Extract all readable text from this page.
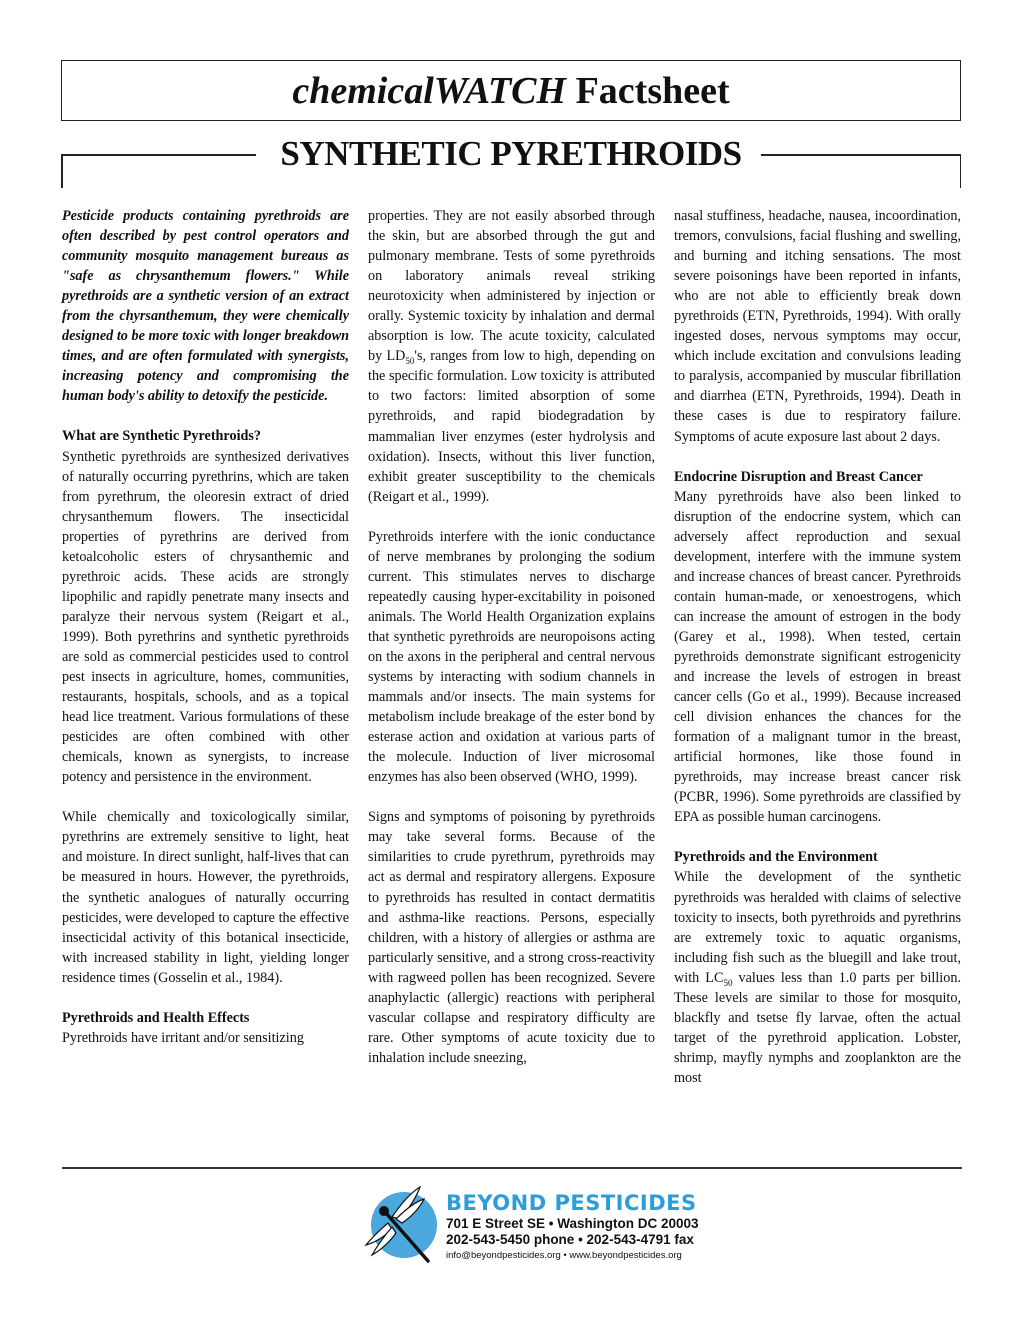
chemicalWATCH Factsheet
SYNTHETIC PYRETHROIDS

Pesticide products containing pyrethroids are often described by pest control operators and community mosquito management bureaus as "safe as chrysanthemum flowers." While pyrethroids are a synthetic version of an extract from the chyrsanthemum, they were chemically designed to be more toxic with longer breakdown times, and are often formulated with synergists, increasing potency and compromising the human body's ability to detoxify the pesticide.

What are Synthetic Pyrethroids?

Synthetic pyrethroids are synthesized derivatives of naturally occurring pyrethrins, which are taken from pyrethrum, the oleoresin extract of dried chrysanthemum flowers. The insecticidal properties of pyrethrins are derived from ketoalcoholic esters of chrysanthemic and pyrethroic acids. These acids are strongly lipophilic and rapidly penetrate many insects and paralyze their nervous system (Reigart et al., 1999). Both pyrethrins and synthetic pyrethroids are sold as commercial pesticides used to control pest insects in agriculture, homes, communities, restaurants, hospitals, schools, and as a topical head lice treatment. Various formulations of these pesticides are often combined with other chemicals, known as synergists, to increase potency and persistence in the environment.

While chemically and toxicologically similar, pyrethrins are extremely sensitive to light, heat and moisture. In direct sunlight, half-lives that can be measured in hours. However, the pyrethroids, the synthetic analogues of naturally occurring pesticides, were developed to capture the effective insecticidal activity of this botanical insecticide, with increased stability in light, yielding longer residence times (Gosselin et al., 1984).

Pyrethroids and Health Effects

Pyrethroids have irritant and/or sensitizing

properties. They are not easily absorbed through the skin, but are absorbed through the gut and pulmonary membrane. Tests of some pyrethroids on laboratory animals reveal striking neurotoxicity when administered by injection or orally. Systemic toxicity by inhalation and dermal absorption is low. The acute toxicity, calculated by $LD_{50}'s$, ranges from low to high, depending on the specific formulation. Low toxicity is attributed to two factors: limited absorption of some pyrethroids, and rapid biodegradation by mammalian liver enzymes (ester hydrolysis and oxidation). Insects, without this liver function, exhibit greater susceptibility to the chemicals (Reigart et al., 1999).

Pyrethroids interfere with the ionic conductance of nerve membranes by prolonging the sodium current. This stimulates nerves to discharge repeatedly causing hyper-excitability in poisoned animals. The World Health Organization explains that synthetic pyrethroids are neuropoisons acting on the axons in the peripheral and central nervous systems by interacting with sodium channels in mammals and/or insects. The main systems for metabolism include breakage of the ester bond by esterase action and oxidation at various parts of the molecule. Induction of liver microsomal enzymes has also been observed (WHO, 1999).

Signs and symptoms of poisoning by pyrethroids may take several forms. Because of the similarities to crude pyrethrum, pyrethroids may act as dermal and respiratory allergens. Exposure to pyrethroids has resulted in contact dermatitis and asthma-like reactions. Persons, especially children, with a history of allergies or asthma are particularly sensitive, and a strong cross-reactivity with ragweed pollen has been recognized. Severe anaphylactic (allergic) reactions with peripheral vascular collapse and respiratory difficulty are rare. Other symptoms of acute toxicity due to inhalation include sneezing,

nasal stuffiness, headache, nausea, incoordination, tremors, convulsions, facial flushing and swelling, and burning and itching sensations. The most severe poisonings have been reported in infants, who are not able to efficiently break down pyrethroids (ETN, Pyrethroids, 1994). With orally ingested doses, nervous symptoms may occur, which include excitation and convulsions leading to paralysis, accompanied by muscular fibrillation and diarrhea (ETN, Pyrethroids, 1994). Death in these cases is due to respiratory failure. Symptoms of acute exposure last about 2 days.

Endocrine Disruption and Breast Cancer

Many pyrethroids have also been linked to disruption of the endocrine system, which can adversely affect reproduction and sexual development, interfere with the immune system and increase chances of breast cancer. Pyrethroids contain human-made, or xenoestrogens, which can increase the amount of estrogen in the body (Garey et al., 1998). When tested, certain pyrethroids demonstrate significant estrogenicity and increase the levels of estrogen in breast cancer cells (Go et al., 1999). Because increased cell division enhances the chances for the formation of a malignant tumor in the breast, artificial hormones, like those found in pyrethroids, may increase breast cancer risk (PCBR, 1996). Some pyrethroids are classified by EPA as possible human carcinogens.

Pyrethroids and the Environment

While the development of the synthetic pyrethroids was heralded with claims of selective toxicity to insects, both pyrethroids and pyrethrins are extremely toxic to aquatic organisms, including fish such as the bluegill and lake trout, with $LC_{50}$ values less than 1.0 parts per billion. These levels are similar to those for mosquito, blackfly and tsetse fly larvae, often the actual target of the pyrethroid application. Lobster, shrimp, mayfly nymphs and zooplankton are the most

BEYOND PESTICIDES
701 E Street SE • Washington DC 20003
202-543-5450 phone • 202-543-4791 fax
info@beyondpesticides.org • www.beyondpesticides.org
